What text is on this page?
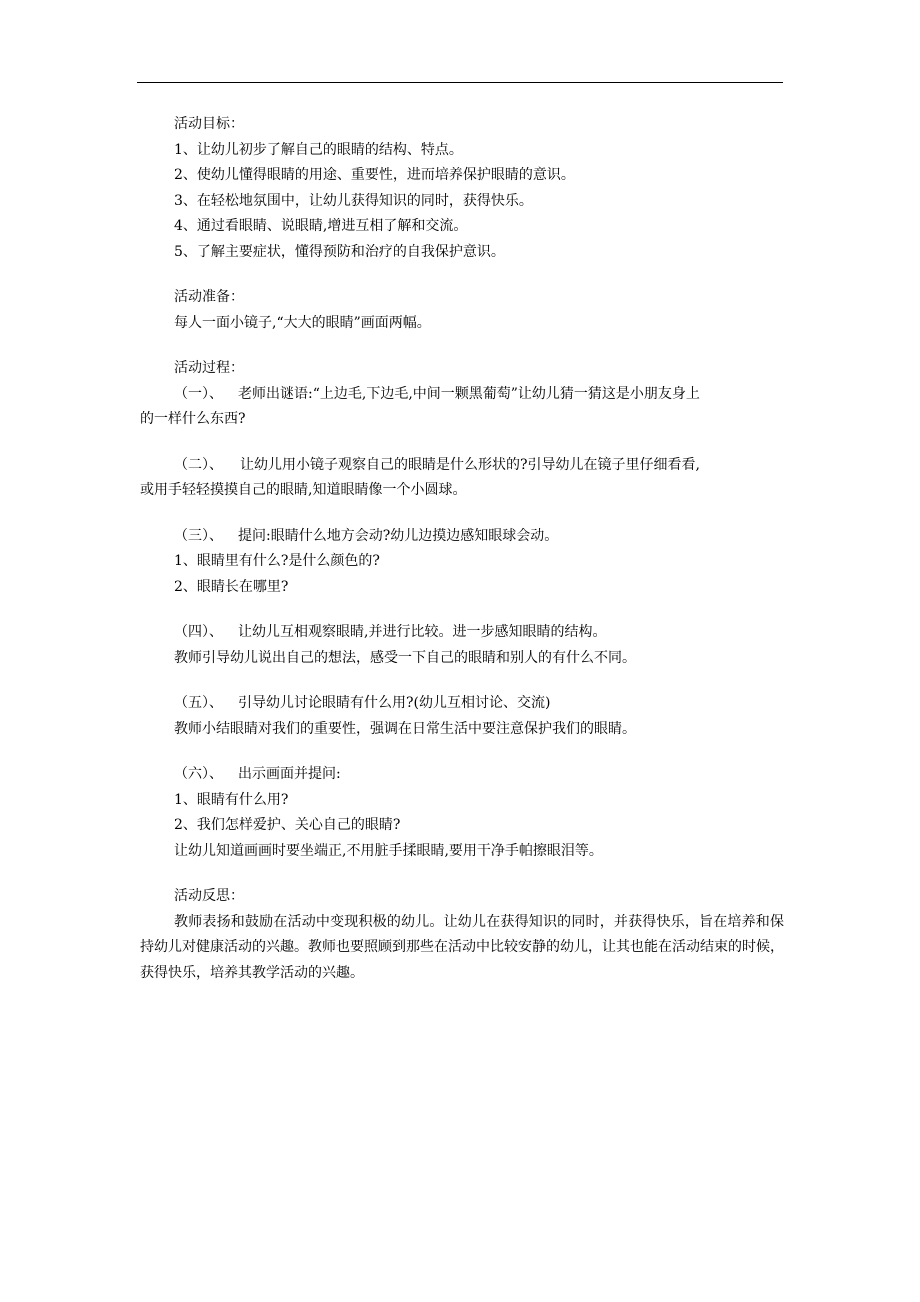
活动目标：

1、让幼儿初步了解自己的眼睛的结构、特点。

2、使幼儿懂得眼睛的用途、重要性，进而培养保护眼睛的意识。

3、在轻松地氛围中，让幼儿获得知识的同时，获得快乐。

4、通过看眼睛、说眼睛,增进互相了解和交流。

5、了解主要症状，懂得预防和治疗的自我保护意识。

活动准备：

每人一面小镜子,“大大的眼睛”画面两幅。

活动过程：

（一）、 老师出谜语:“上边毛,下边毛,中间一颗黑葡萄”让幼儿猜一猜这是小朋友身上

的一样什么东西?

（二）、 让幼儿用小镜子观察自己的眼睛是什么形状的?引导幼儿在镜子里仔细看看,

或用手轻轻摸摸自己的眼睛,知道眼睛像一个小圆球。

（三）、 提问:眼睛什么地方会动?幼儿边摸边感知眼球会动。

1、眼睛里有什么?是什么颜色的?

2、眼睛长在哪里?

（四）、 让幼儿互相观察眼睛,并进行比较。进一步感知眼睛的结构。

教师引导幼儿说出自己的想法，感受一下自己的眼睛和别人的有什么不同。

（五）、 引导幼儿讨论眼睛有什么用?(幼儿互相讨论、交流)

教师小结眼睛对我们的重要性，强调在日常生活中要注意保护我们的眼睛。

（六）、 出示画面并提问:

1、眼睛有什么用?

2、我们怎样爱护、关心自己的眼睛?

让幼儿知道画画时要坐端正,不用脏手揉眼睛,要用干净手帕擦眼泪等。

活动反思：

教师表扬和鼓励在活动中变现积极的幼儿。让幼儿在获得知识的同时，并获得快乐，旨在培养和保持幼儿对健康活动的兴趣。教师也要照顾到那些在活动中比较安静的幼儿，让其也能在活动结束的时候，获得快乐，培养其教学活动的兴趣。
